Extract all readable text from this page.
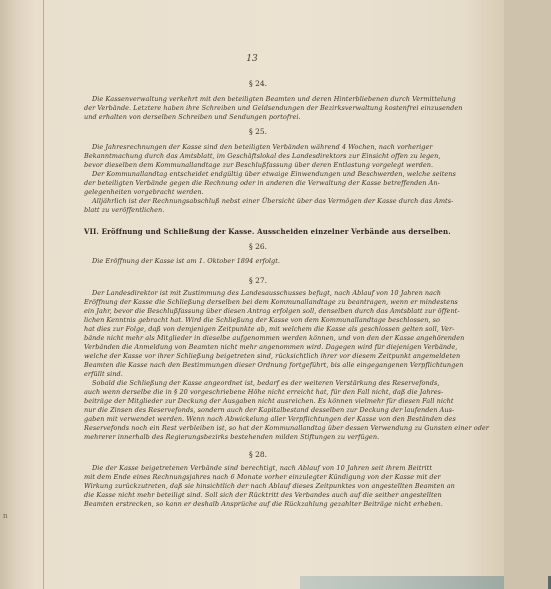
n
13
§ 24.
Die Kassenverwaltung verkehrt mit den beteiligten Beamten und deren Hinterbliebenen durch Vermittelung
der Verbände. Letztere haben ihre Schreiben und Geldsendungen der Bezirksverwaltung kostenfrei einzusenden
und erhalten von derselben Schreiben und Sendungen portofrei.
§ 25.
Die Jahresrechnungen der Kasse sind den beteiligten Verbänden während 4 Wochen, nach vorheriger
Bekanntmachung durch das Amtsblatt, im Geschäftslokal des Landesdirektors zur Einsicht offen zu legen,
bevor dieselben dem Kommunallandtage zur Beschlußfassung über deren Entlastung vorgelegt werden.
Der Kommunallandtag entscheidet endgültig über etwaige Einwendungen und Beschwerden, welche seitens
der beteiligten Verbände gegen die Rechnung oder in anderen die Verwaltung der Kasse betreffenden An-
gelegenheiten vorgebracht werden.
Alljährlich ist der Rechnungsabschluß nebst einer Übersicht über das Vermögen der Kasse durch das Amts-
blatt zu veröffentlichen.
VII. Eröffnung und Schließung der Kasse. Ausscheiden einzelner Verbände aus derselben.
§ 26.
Die Eröffnung der Kasse ist am 1. Oktober 1894 erfolgt.
§ 27.
Der Landesdirektor ist mit Zustimmung des Landesausschusses befugt, nach Ablauf von 10 Jahren nach
Eröffnung der Kasse die Schließung derselben bei dem Kommunallandtage zu beantragen, wenn er mindestens
ein Jahr, bevor die Beschlußfassung über diesen Antrag erfolgen soll, denselben durch das Amtsblatt zur öffent-
lichen Kenntnis gebracht hat. Wird die Schließung der Kasse von dem Kommunallandtage beschlossen, so
hat dies zur Folge, daß von demjenigen Zeitpunkte ab, mit welchem die Kasse als geschlossen gelten soll, Ver-
bände nicht mehr als Mitglieder in dieselbe aufgenommen werden können, und von den der Kasse angehörenden
Verbänden die Anmeldung von Beamten nicht mehr angenommen wird. Dagegen wird für diejenigen Verbände,
welche der Kasse vor ihrer Schließung beigetreten sind, rücksichtlich ihrer vor diesem Zeitpunkt angemeldeten
Beamten die Kasse nach den Bestimmungen dieser Ordnung fortgeführt, bis alle eingegangenen Verpflichtungen
erfüllt sind.
Sobald die Schließung der Kasse angeordnet ist, bedarf es der weiteren Verstärkung des Reservefonds,
auch wenn derselbe die in § 20 vorgeschriebene Höhe nicht erreicht hat, für den Fall nicht, daß die Jahres-
beiträge der Mitglieder zur Deckung der Ausgaben nicht ausreichen. Es können vielmehr für diesen Fall nicht
nur die Zinsen des Reservefonds, sondern auch der Kapitalbestand desselben zur Deckung der laufenden Aus-
gaben mit verwendet werden. Wenn nach Abwickelung aller Verpflichtungen der Kasse von den Beständen des
Reservefonds noch ein Rest verbleiben ist, so hat der Kommunallandtag über dessen Verwendung zu Gunsten einer oder
mehrerer innerhalb des Regierungsbezirks bestehenden milden Stiftungen zu verfügen.
§ 28.
Die der Kasse beigetretenen Verbände sind berechtigt, nach Ablauf von 10 Jahren seit ihrem Beitritt
mit dem Ende eines Rechnungsjahres nach 6 Monate vorher einzulegter Kündigung von der Kasse mit der
Wirkung zurückzutreten, daß sie hinsichtlich der nach Ablauf dieses Zeitpunktes von angestellten Beamten an
die Kasse nicht mehr beteiligt sind. Soll sich der Rücktritt des Verbandes auch auf die seither angestellten
Beamten erstrecken, so kann er deshalb Ansprüche auf die Rückzahlung gezahlter Beiträge nicht erheben.
